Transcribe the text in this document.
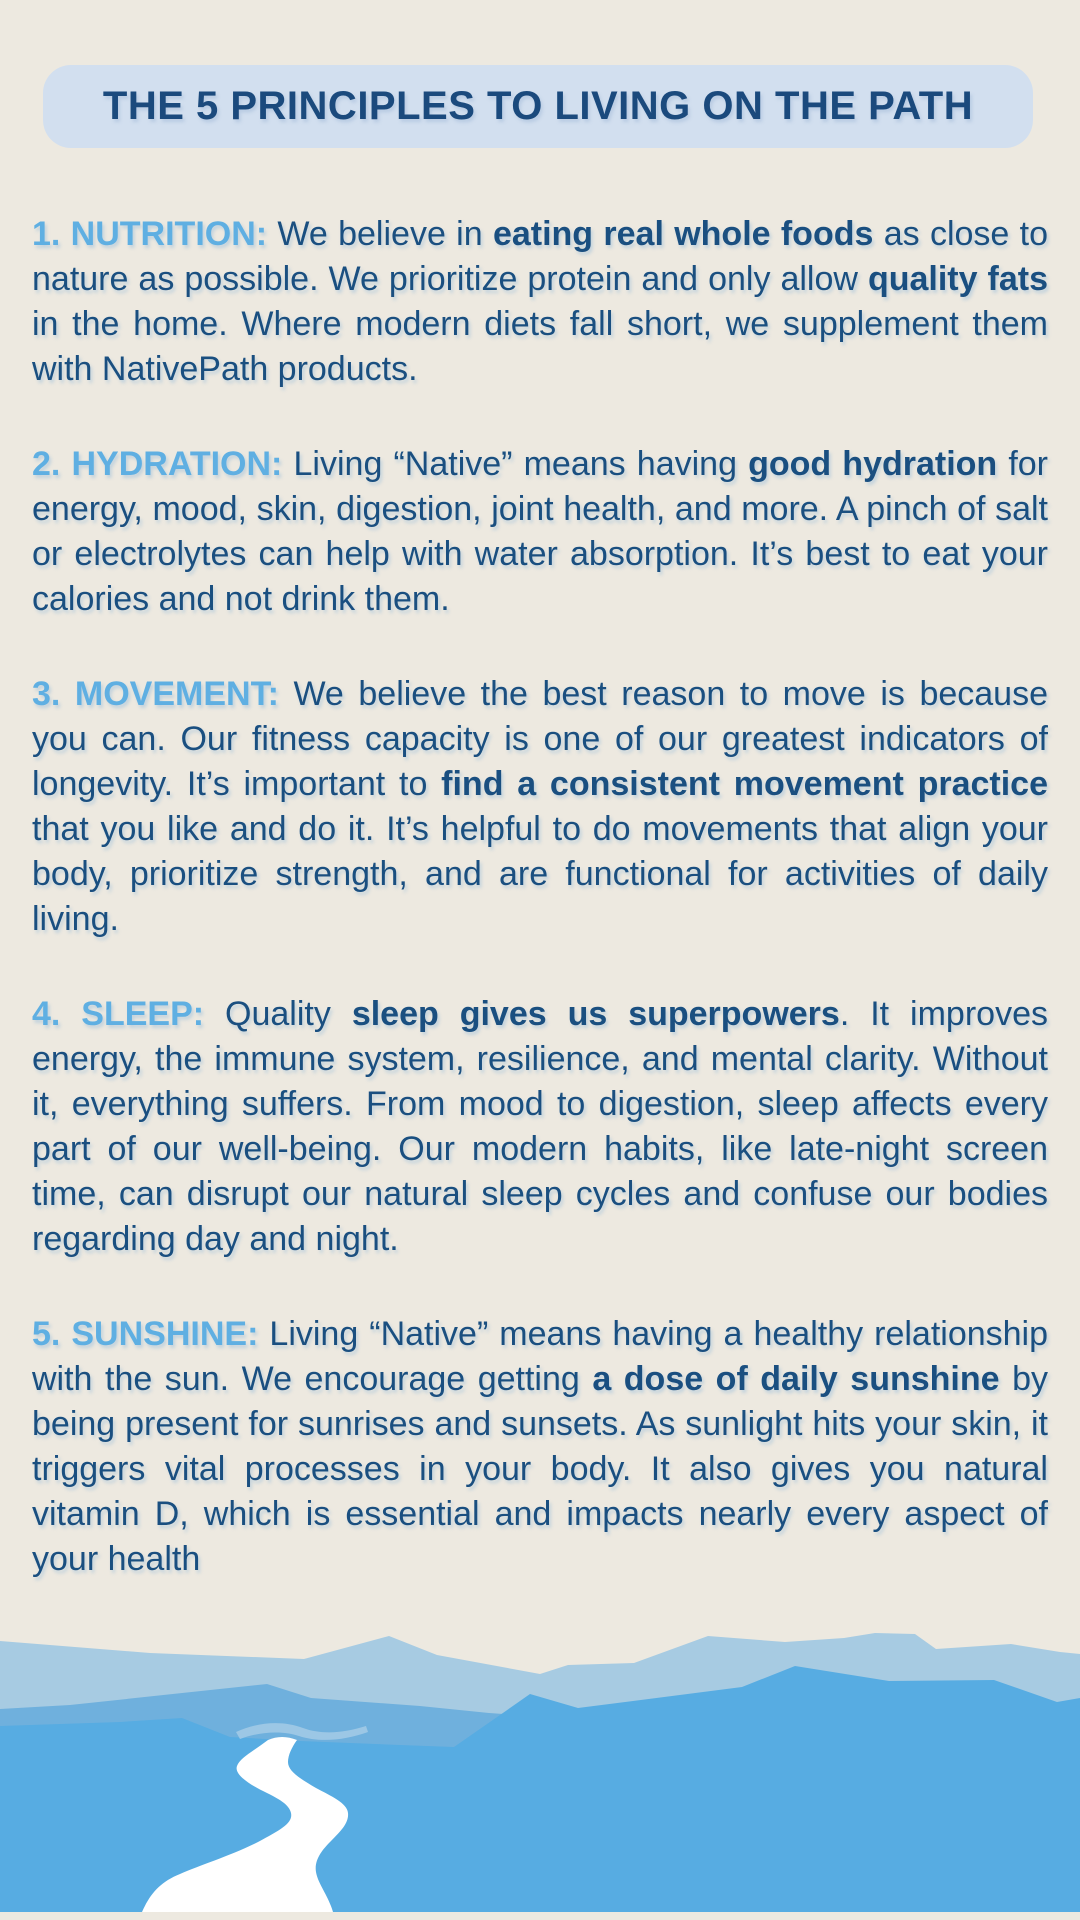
THE 5 PRINCIPLES TO LIVING ON THE PATH

1. NUTRITION: We believe in eating real whole foods as close to nature as possible. We prioritize protein and only allow quality fats in the home. Where modern diets fall short, we supplement them with NativePath products.

2. HYDRATION: Living “Native” means having good hydration for energy, mood, skin, digestion, joint health, and more. A pinch of salt or electrolytes can help with water absorption. It’s best to eat your calories and not drink them.

3. MOVEMENT: We believe the best reason to move is because you can. Our fitness capacity is one of our greatest indicators of longevity. It’s important to find a consistent movement practice that you like and do it. It’s helpful to do movements that align your body, prioritize strength, and are functional for activities of daily living.

4. SLEEP: Quality sleep gives us superpowers. It improves energy, the immune system, resilience, and mental clarity. Without it, everything suffers. From mood to digestion, sleep affects every part of our well-being. Our modern habits, like late-night screen time, can disrupt our natural sleep cycles and confuse our bodies regarding day and night.

5. SUNSHINE: Living “Native” means having a healthy relationship with the sun. We encourage getting a dose of daily sunshine by being present for sunrises and sunsets. As sunlight hits your skin, it triggers vital processes in your body. It also gives you natural vitamin D, which is essential and impacts nearly every aspect of your health
